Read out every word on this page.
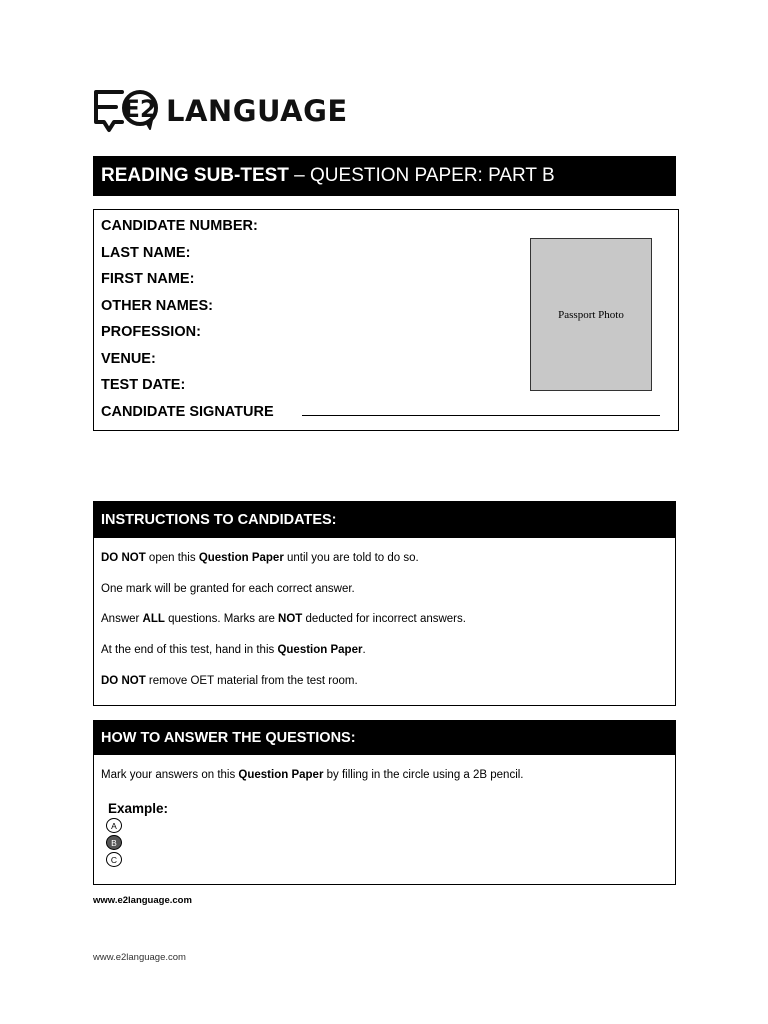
E2 LANGUAGE
READING SUB-TEST – QUESTION PAPER: PART B
CANDIDATE NUMBER:
LAST NAME:
FIRST NAME:
OTHER NAMES:
PROFESSION:
VENUE:
TEST DATE:
CANDIDATE SIGNATURE
Passport Photo
INSTRUCTIONS TO CANDIDATES:

DO NOT open this Question Paper until you are told to do so.

One mark will be granted for each correct answer.

Answer ALL questions. Marks are NOT deducted for incorrect answers.

At the end of this test, hand in this Question Paper.

DO NOT remove OET material from the test room.

HOW TO ANSWER THE QUESTIONS:

Mark your answers on this Question Paper by filling in the circle using a 2B pencil.

Example:
A
B
C
www.e2language.com
www.e2language.com
